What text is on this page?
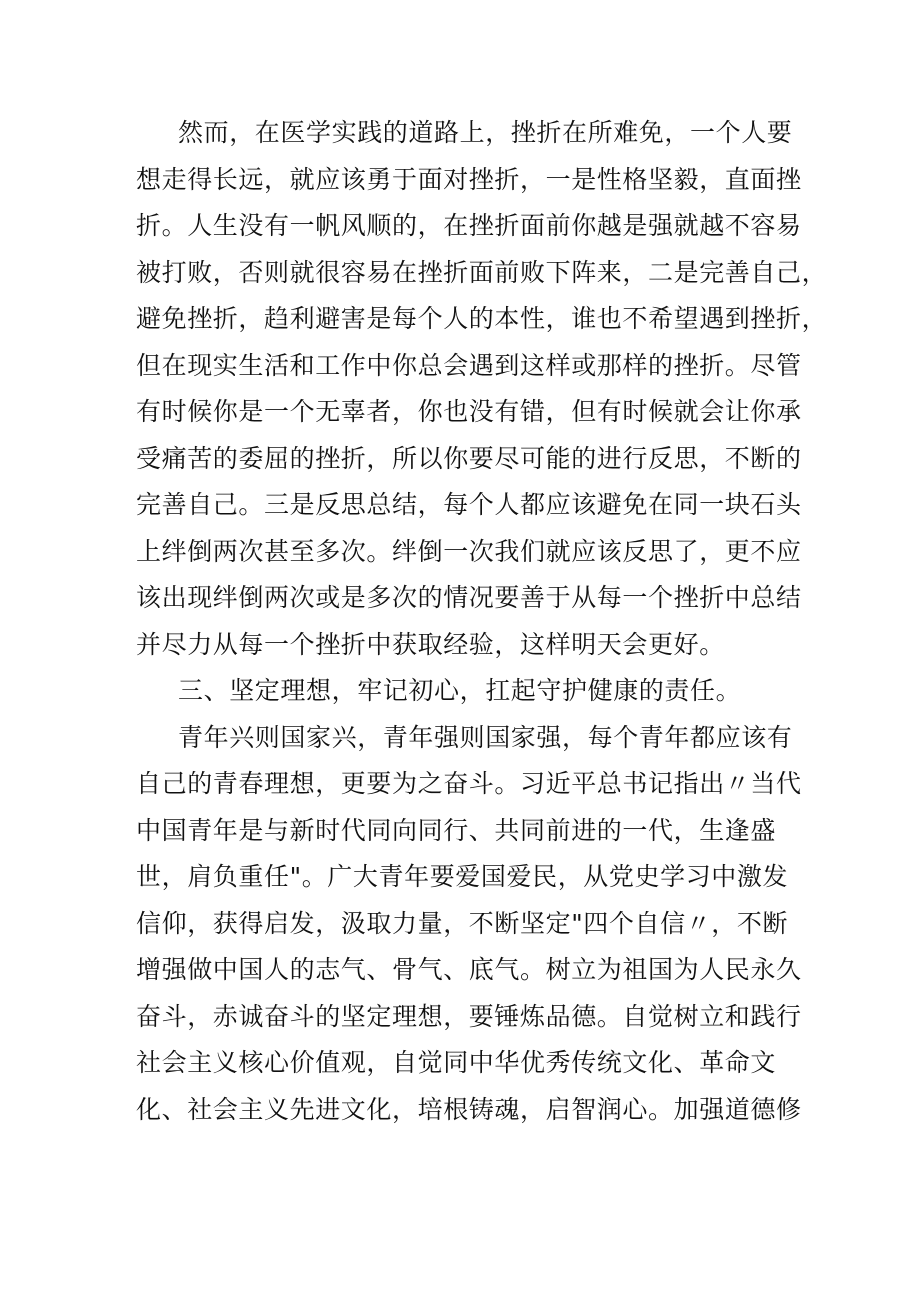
然而，在医学实践的道路上，挫折在所难免，一个人要
想走得长远，就应该勇于面对挫折，一是性格坚毅，直面挫
折。人生没有一帆风顺的，在挫折面前你越是强就越不容易
被打败，否则就很容易在挫折面前败下阵来，二是完善自己，
避免挫折，趋利避害是每个人的本性，谁也不希望遇到挫折，
但在现实生活和工作中你总会遇到这样或那样的挫折。尽管
有时候你是一个无辜者，你也没有错，但有时候就会让你承
受痛苦的委屈的挫折，所以你要尽可能的进行反思，不断的
完善自己。三是反思总结，每个人都应该避免在同一块石头
上绊倒两次甚至多次。绊倒一次我们就应该反思了，更不应
该出现绊倒两次或是多次的情况要善于从每一个挫折中总结
并尽力从每一个挫折中获取经验，这样明天会更好。
三、坚定理想，牢记初心，扛起守护健康的责任。
青年兴则国家兴，青年强则国家强，每个青年都应该有
自己的青春理想，更要为之奋斗。习近平总书记指出〃当代
中国青年是与新时代同向同行、共同前进的一代，生逢盛
世，肩负重任"。广大青年要爱国爱民，从党史学习中激发
信仰，获得启发，汲取力量，不断坚定"四个自信〃，不断
增强做中国人的志气、骨气、底气。树立为祖国为人民永久
奋斗，赤诚奋斗的坚定理想，要锤炼品德。自觉树立和践行
社会主义核心价值观，自觉同中华优秀传统文化、革命文
化、社会主义先进文化，培根铸魂，启智润心。加强道德修
